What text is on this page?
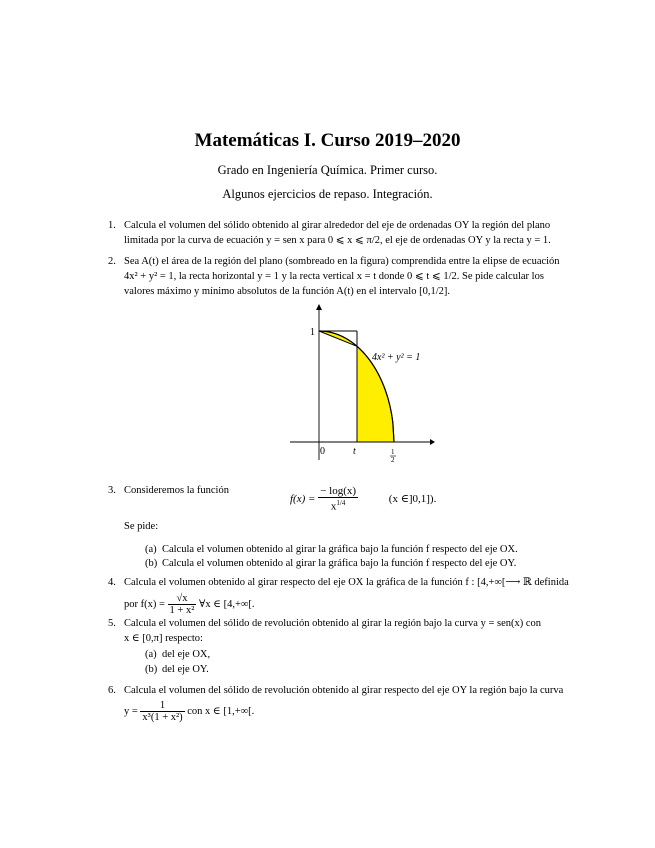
Matemáticas I. Curso 2019–2020
Grado en Ingeniería Química. Primer curso.
Algunos ejercicios de repaso. Integración.
1. Calcula el volumen del sólido obtenido al girar alrededor del eje de ordenadas OY la región del plano
limitada por la curva de ecuación y = sen x para 0 ⩽ x ⩽ π/2, el eje de ordenadas OY y la recta y = 1.
2. Sea A(t) el área de la región del plano (sombreado en la figura) comprendida entre la elipse de ecuación
4x² + y² = 1, la recta horizontal y = 1 y la recta vertical x = t donde 0 ⩽ t ⩽ 1/2. Se pide calcular los
valores máximo y mínimo absolutos de la función A(t) en el intervalo [0,1/2].
1
0	t	1
2
4x² + y² = 1
3. Consideremos la función
$f(x) = \frac{- \log(x)}{x^{1/4}}$	(x ∈]0,1]).
Se pide:
(a) Calcula el volumen obtenido al girar la gráfica bajo la función f respecto del eje OX.
(b) Calcula el volumen obtenido al girar la gráfica bajo la función f respecto del eje OY.
4. Calcula el volumen obtenido al girar respecto del eje OX la gráfica de la función f : [4,+∞[⟶ ℝ definida
por $f(x) = \frac{√x}{\text{1 + x²}}$ ∀x ∈ [4,+∞[.
5. Calcula el volumen del sólido de revolución obtenido al girar la región bajo la curva y = sen(x) con
x ∈ [0,π] respecto:
(a) del eje OX,
(b) del eje OY.
6. Calcula el volumen del sólido de revolución obtenido al girar respecto del eje OY la región bajo la curva
$y = \frac{1}{\text{x³(1 + x²)}}$ con x ∈ [1,+∞[.
